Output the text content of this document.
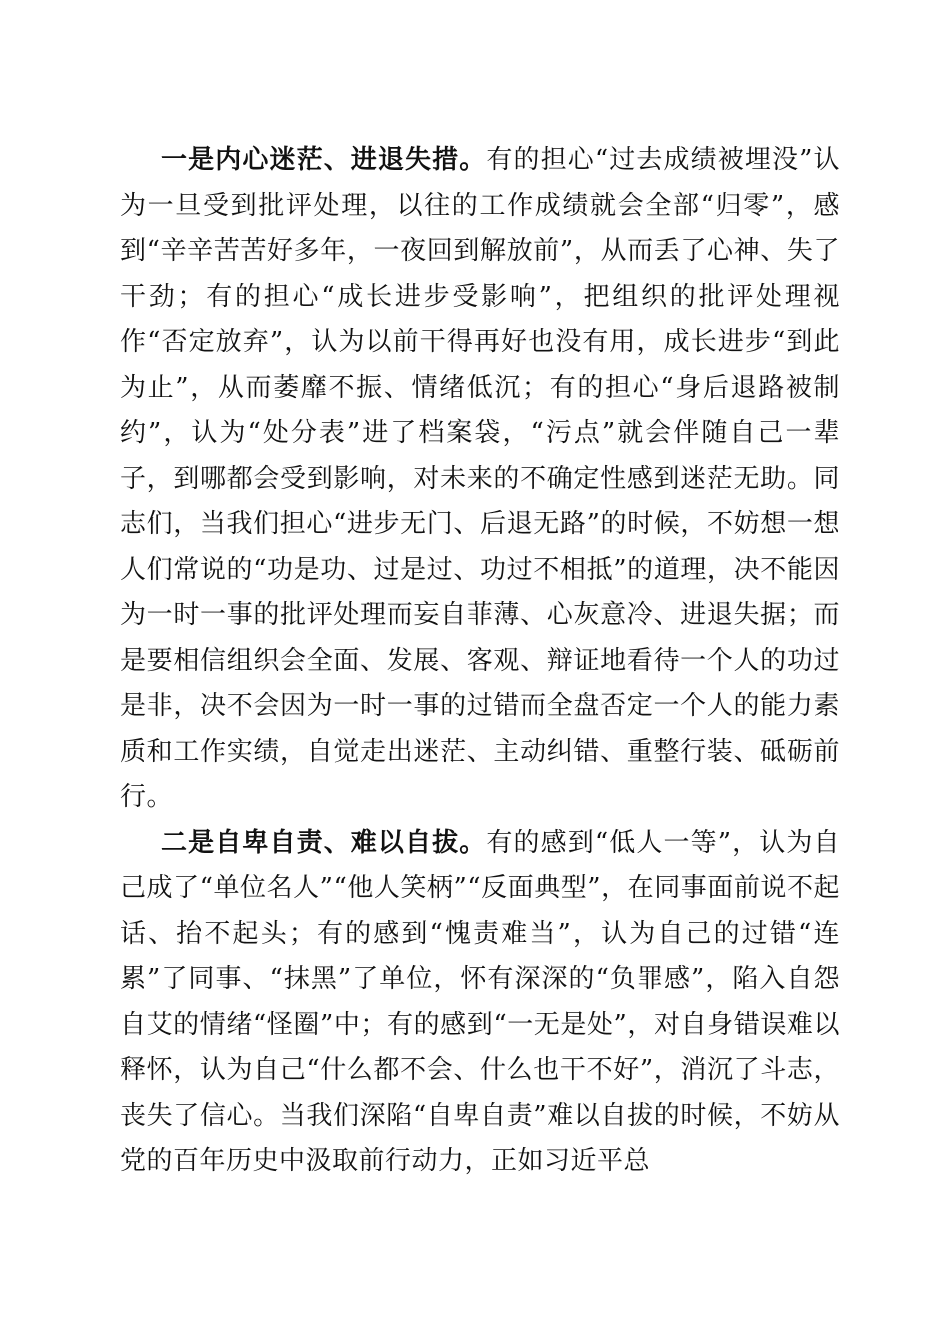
一是内心迷茫、进退失措。有的担心“过去成绩被埋没”认为一旦受到批评处理，以往的工作成绩就会全部“归零”，感到“辛辛苦苦好多年，一夜回到解放前”，从而丢了心神、失了干劲；有的担心“成长进步受影响”，把组织的批评处理视作“否定放弃”，认为以前干得再好也没有用，成长进步“到此为止”，从而萎靡不振、情绪低沉；有的担心“身后退路被制约”，认为“处分表”进了档案袋，“污点”就会伴随自己一辈子，到哪都会受到影响，对未来的不确定性感到迷茫无助。同志们，当我们担心“进步无门、后退无路”的时候，不妨想一想人们常说的“功是功、过是过、功过不相抵”的道理，决不能因为一时一事的批评处理而妄自菲薄、心灰意冷、进退失据；而是要相信组织会全面、发展、客观、辩证地看待一个人的功过是非，决不会因为一时一事的过错而全盘否定一个人的能力素质和工作实绩，自觉走出迷茫、主动纠错、重整行装、砥砺前行。

二是自卑自责、难以自拔。有的感到“低人一等”，认为自己成了“单位名人”“他人笑柄”“反面典型”，在同事面前说不起话、抬不起头；有的感到“愧责难当”，认为自己的过错“连累”了同事、“抹黑”了单位，怀有深深的“负罪感”，陷入自怨自艾的情绪“怪圈”中；有的感到“一无是处”，对自身错误难以释怀，认为自己“什么都不会、什么也干不好”，消沉了斗志，丧失了信心。当我们深陷“自卑自责”难以自拔的时候，不妨从党的百年历史中汲取前行动力，正如习近平总
